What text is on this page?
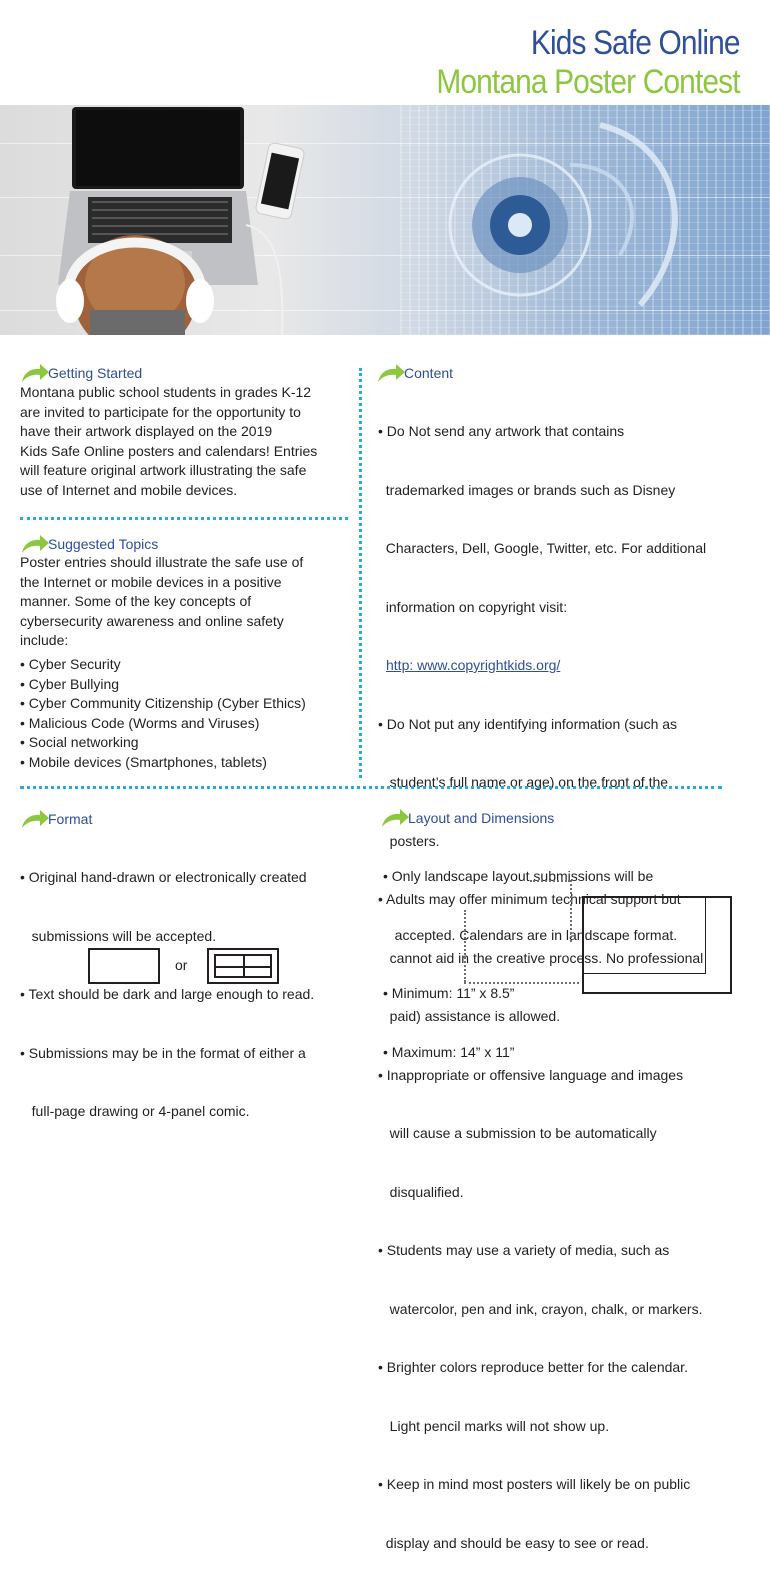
Kids Safe Online
Montana Poster Contest
Getting Started
Montana public school students in grades K-12
are invited to participate for the opportunity to
have their artwork displayed on the 2019
Kids Safe Online posters and calendars! Entries
will feature original artwork illustrating the safe
use of Internet and mobile devices.
Suggested Topics
Poster entries should illustrate the safe use of
the Internet or mobile devices in a positive
manner. Some of the key concepts of
cybersecurity awareness and online safety
include:
• Cyber Security
• Cyber Bullying
• Cyber Community Citizenship (Cyber Ethics)
• Malicious Code (Worms and Viruses)
• Social networking
• Mobile devices (Smartphones, tablets)
Content

• Do Not send any artwork that contains

trademarked images or brands such as Disney

Characters, Dell, Google, Twitter, etc. For additional

information on copyright visit:

http: www.copyrightkids.org/

• Do Not put any identifying information (such as

student’s full name or age) on the front of the

posters.

• Adults may offer minimum technical support but

cannot aid in the creative process. No professional

paid) assistance is allowed.

• Inappropriate or offensive language and images

will cause a submission to be automatically

disqualified.

• Students may use a variety of media, such as

watercolor, pen and ink, crayon, chalk, or markers.

• Brighter colors reproduce better for the calendar.

Light pencil marks will not show up.

• Keep in mind most posters will likely be on public

display and should be easy to see or read.

Format

• Original hand-drawn or electronically created

submissions will be accepted.

• Text should be dark and large enough to read.

• Submissions may be in the format of either a

full-page drawing or 4-panel comic.

or
Layout and Dimensions

• Only landscape layout submissions will be

accepted. Calendars are in landscape format.

• Minimum: 11” x 8.5”

• Maximum: 14” x 11”
